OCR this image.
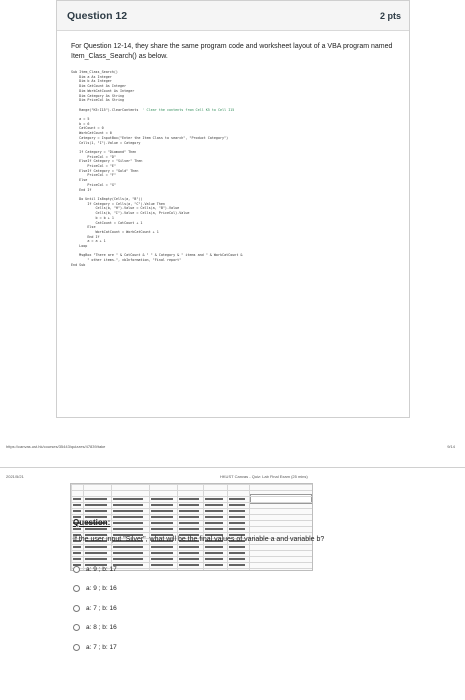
Question 12	2 pts
For Question 12-14, they share the same program code and worksheet layout of a VBA program named Item_Class_Search() as below.
Sub Item_Class_Search()
Dim a As Integer
Dim b As Integer
Dim CatCount As Integer
Dim WorkCatCount As Integer
Dim Category As String
Dim PriceCol As String

Range("K5:I15").ClearContents  ' Clear the contents from Cell K5 to Cell I15

a = 5
b = 6
CatCount = 0
WorkCatCount = 0
Category = InputBox("Enter the Item Class to search", "Product Category")
Cells(1, "I").Value = Category

If Category = "Diamond" Then
PriceCol = "D"
ElseIf Category = "Silver" Then
PriceCol = "E"
ElseIf Category = "Gold" Then
PriceCol = "F"
Else
PriceCol = "G"
End If

Do Until IsEmpty(Cells(a, "B"))
If Category = Cells(a, "C").Value Then
Cells(b, "H").Value = Cells(a, "B").Value
Cells(b, "I").Value = Cells(a, PriceCol).Value
b = b + 1
CatCount = CatCount + 1
Else
WorkCatCount = WorkCatCount + 1
End If
a = a + 1
Loop

MsgBox "There are " & CatCount & " " & Category & " items and " & WorkCatCount &
" other items.", vbInformation, "Final report"
End Sub
https://canvas.ust.hk/courses/35443/quizzes/47839/take	9/14
2021/5/21	HKUST Canvas - Quiz: Lab Final Exam (25 mins)
Question:
If the user input "Silver", what will be the final values of variable a and variable b?
a: 9 ; b: 17
a: 9 ; b: 16
a: 7 ; b: 16
a: 8 ; b: 16
a: 7 ; b: 17
